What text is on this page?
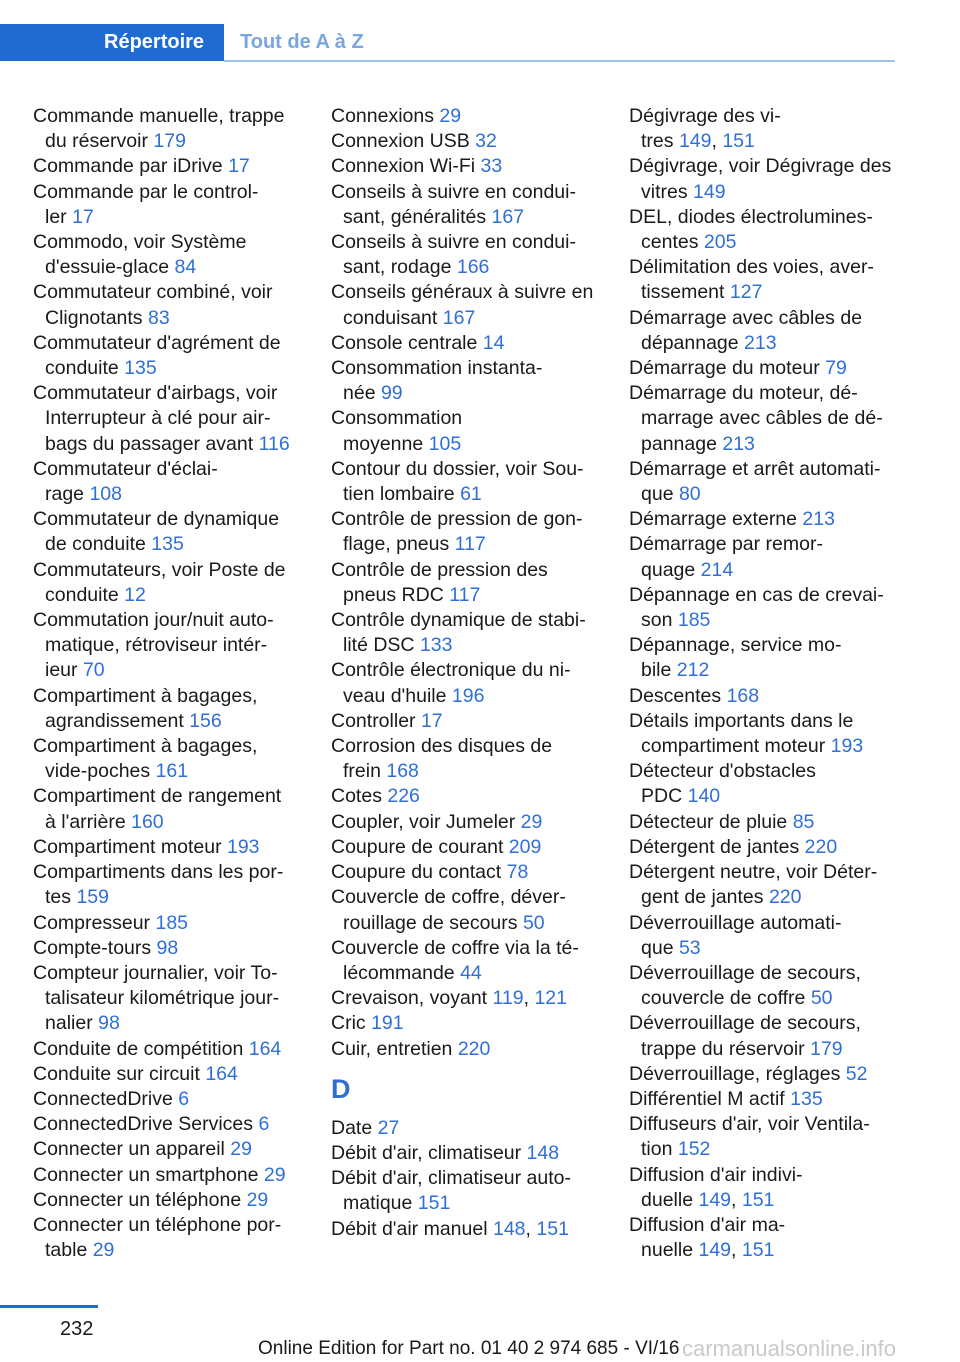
Répertoire	Tout de A à Z
Commande manuelle, trappe
du réservoir 179
Commande par iDrive 17
Commande par le control-
ler 17
Commodo, voir Système
d'essuie-glace 84
Commutateur combiné, voir
Clignotants 83
Commutateur d'agrément de
conduite 135
Commutateur d'airbags, voir
Interrupteur à clé pour air-
bags du passager avant 116
Commutateur d'éclai-
rage 108
Commutateur de dynamique
de conduite 135
Commutateurs, voir Poste de
conduite 12
Commutation jour/nuit auto-
matique, rétroviseur intér-
ieur 70
Compartiment à bagages,
agrandissement 156
Compartiment à bagages,
vide-poches 161
Compartiment de rangement
à l'arrière 160
Compartiment moteur 193
Compartiments dans les por-
tes 159
Compresseur 185
Compte-tours 98
Compteur journalier, voir To-
talisateur kilométrique jour-
nalier 98
Conduite de compétition 164
Conduite sur circuit 164
ConnectedDrive 6
ConnectedDrive Services 6
Connecter un appareil 29
Connecter un smartphone 29
Connecter un téléphone 29
Connecter un téléphone por-
table 29
Connexions 29
Connexion USB 32
Connexion Wi-Fi 33
Conseils à suivre en condui-
sant, généralités 167
Conseils à suivre en condui-
sant, rodage 166
Conseils généraux à suivre en
conduisant 167
Console centrale 14
Consommation instanta-
née 99
Consommation
moyenne 105
Contour du dossier, voir Sou-
tien lombaire 61
Contrôle de pression de gon-
flage, pneus 117
Contrôle de pression des
pneus RDC 117
Contrôle dynamique de stabi-
lité DSC 133
Contrôle électronique du ni-
veau d'huile 196
Controller 17
Corrosion des disques de
frein 168
Cotes 226
Coupler, voir Jumeler 29
Coupure de courant 209
Coupure du contact 78
Couvercle de coffre, déver-
rouillage de secours 50
Couvercle de coffre via la té-
lécommande 44
Crevaison, voyant 119, 121
Cric 191
Cuir, entretien 220
D
Date 27
Débit d'air, climatiseur 148
Débit d'air, climatiseur auto-
matique 151
Débit d'air manuel 148, 151
Dégivrage des vi-
tres 149, 151
Dégivrage, voir Dégivrage des
vitres 149
DEL, diodes électrolumines-
centes 205
Délimitation des voies, aver-
tissement 127
Démarrage avec câbles de
dépannage 213
Démarrage du moteur 79
Démarrage du moteur, dé-
marrage avec câbles de dé-
pannage 213
Démarrage et arrêt automati-
que 80
Démarrage externe 213
Démarrage par remor-
quage 214
Dépannage en cas de crevai-
son 185
Dépannage, service mo-
bile 212
Descentes 168
Détails importants dans le
compartiment moteur 193
Détecteur d'obstacles
PDC 140
Détecteur de pluie 85
Détergent de jantes 220
Détergent neutre, voir Déter-
gent de jantes 220
Déverrouillage automati-
que 53
Déverrouillage de secours,
couvercle de coffre 50
Déverrouillage de secours,
trappe du réservoir 179
Déverrouillage, réglages 52
Différentiel M actif 135
Diffuseurs d'air, voir Ventila-
tion 152
Diffusion d'air indivi-
duelle 149, 151
Diffusion d'air ma-
nuelle 149, 151
232
Online Edition for Part no. 01 40 2 974 685 - VI/16 carmanualsonline.info
